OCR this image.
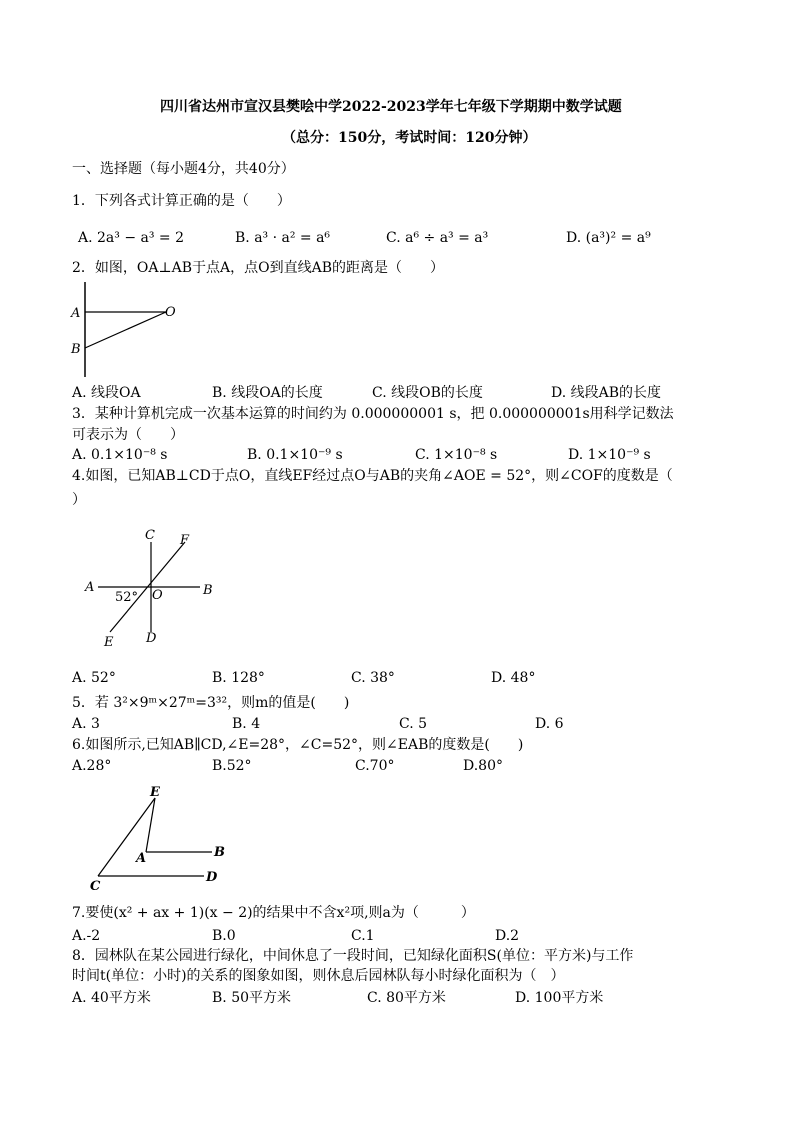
四川省达州市宣汉县樊哙中学2022-2023学年七年级下学期期中数学试题
（总分：150分，考试时间：120分钟）
一、选择题（每小题4分，共40分）
1．下列各式计算正确的是（　　）
A. 2a³ − a³ = 2	B. a³ · a² = a⁶	C. a⁶ ÷ a³ = a³	D. (a³)² = a⁹
2．如图，OA⊥AB于点A，点O到直线AB的距离是（　　）
A	O
B
A. 线段OA	B. 线段OA的长度	C. 线段OB的长度	D. 线段AB的长度
3．某种计算机完成一次基本运算的时间约为 0.000000001 s，把 0.000000001s用科学记数法
可表示为（　　）
A. 0.1×10⁻⁸ s	B. 0.1×10⁻⁹ s	C. 1×10⁻⁸ s	D. 1×10⁻⁹ s
4.如图，已知AB⊥CD于点O，直线EF经过点O与AB的夹角∠AOE = 52°，则∠COF的度数是（
）
C F
A
O	B
52°
E	D
A. 52°	B. 128°	C. 38°	D. 48°
5．若 3²×9ᵐ×27ᵐ=3³²，则m的值是(　　)
A. 3	B. 4	C. 5	D. 6
6.如图所示,已知AB∥CD,∠E=28°，∠C=52°，则∠EAB的度数是(　　)
A.28°	B.52°	C.70°	D.80°
E
A	B
C
D
7.要使(x² + ax + 1)(x − 2)的结果中不含x²项,则a为（　　　）
A.-2	B.0	C.1	D.2
8．园林队在某公园进行绿化，中间休息了一段时间，已知绿化面积S(单位：平方米)与工作
时间t(单位：小时)的关系的图象如图，则休息后园林队每小时绿化面积为（　）
A. 40平方米	B. 50平方米	C. 80平方米	D. 100平方米
